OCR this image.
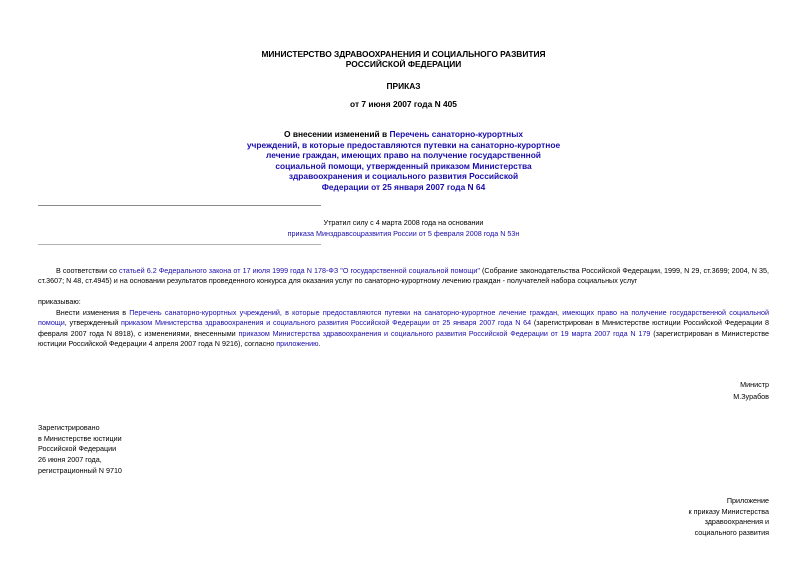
МИНИСТЕРСТВО ЗДРАВООХРАНЕНИЯ И СОЦИАЛЬНОГО РАЗВИТИЯ
РОССИЙСКОЙ ФЕДЕРАЦИИ
ПРИКАЗ
от 7 июня 2007 года N 405
О внесении изменений в Перечень санаторно-курортных
учреждений, в которые предоставляются путевки на санаторно-курортное
лечение граждан, имеющих право на получение государственной
социальной помощи, утвержденный приказом Министерства
здравоохранения и социального развития Российской
Федерации от 25 января 2007 года N 64
Утратил силу с 4 марта 2008 года на основании
приказа Минздравсоцразвития России от 5 февраля 2008 года N 53н
В соответствии со статьей 6.2 Федерального закона от 17 июля 1999 года N 178-ФЗ "О государственной социальной помощи" (Собрание законодательства Российской Федерации, 1999, N 29, ст.3699; 2004, N 35, ст.3607; N 48, ст.4945) и на основании результатов проведенного конкурса для оказания услуг по санаторно-курортному лечению граждан - получателей набора социальных услуг
приказываю:
Внести изменения в Перечень санаторно-курортных учреждений, в которые предоставляются путевки на санаторно-курортное лечение граждан, имеющих право на получение государственной социальной помощи, утвержденный приказом Министерства здравоохранения и социального развития Российской Федерации от 25 января 2007 года N 64 (зарегистрирован в Министерстве юстиции Российской Федерации 8 февраля 2007 года N 8918), с изменениями, внесенными приказом Министерства здравоохранения и социального развития Российской Федерации от 19 марта 2007 года N 179 (зарегистрирован в Министерстве юстиции Российской Федерации 4 апреля 2007 года N 9216), согласно приложению.
Министр
М.Зурабов
Зарегистрировано
в Министерстве юстиции
Российской Федерации
26 июня 2007 года,
регистрационный N 9710
Приложение
к приказу Министерства
здравоохранения и
социального развития
